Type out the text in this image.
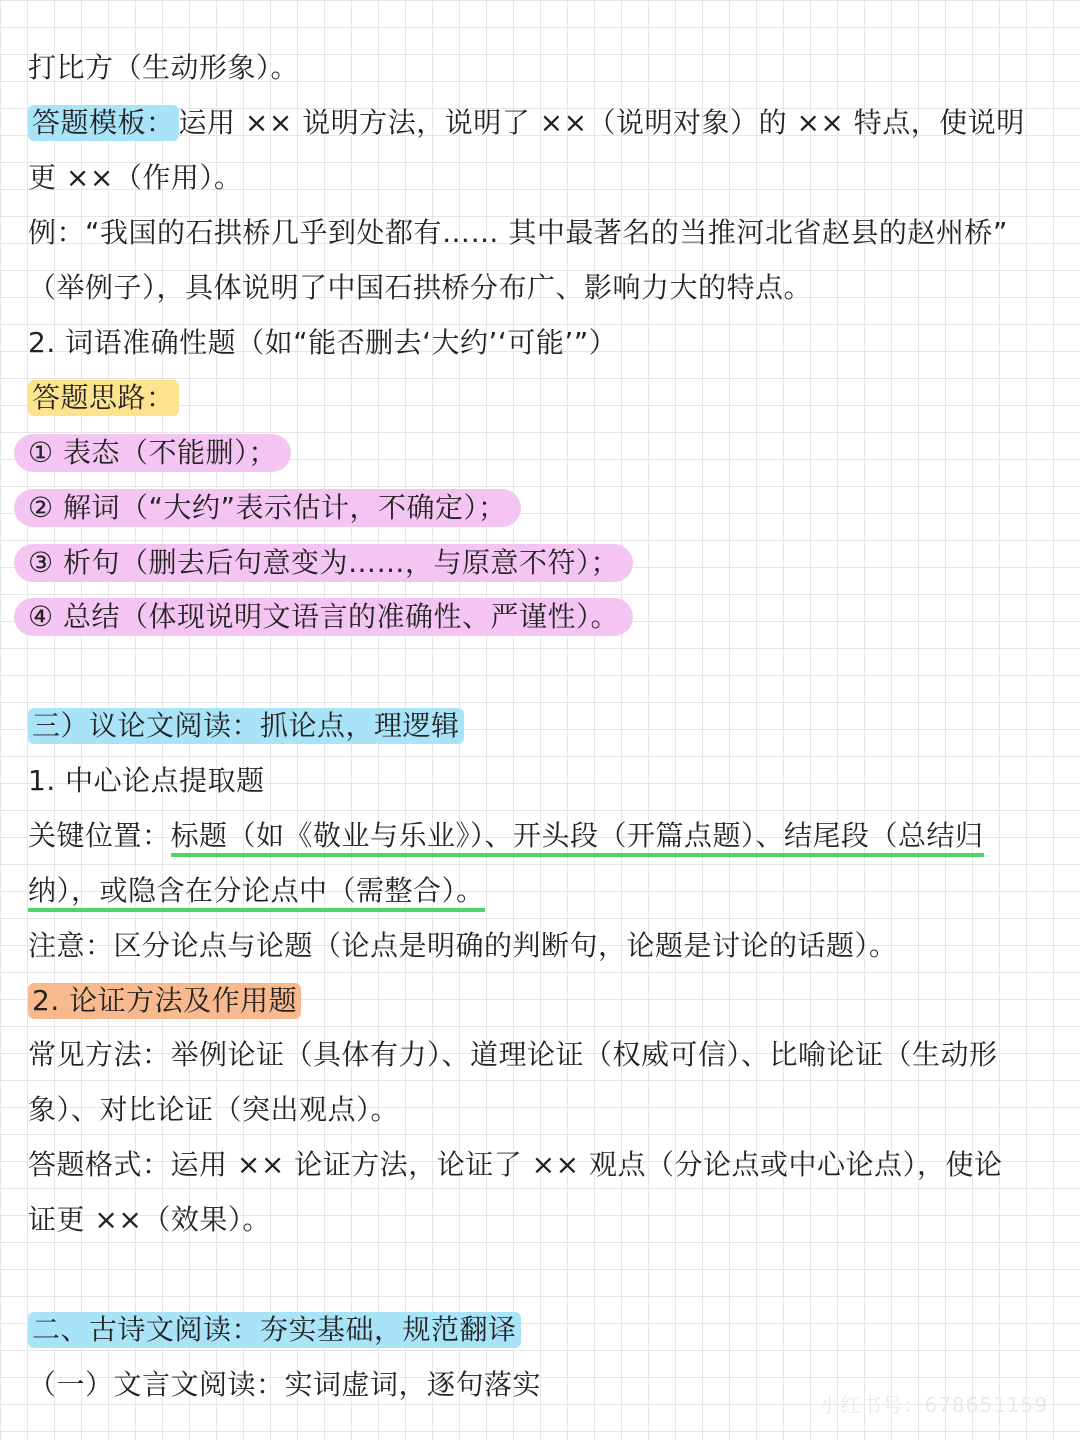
打比方（生动形象）。
答题模板： 运用 ×× 说明方法，说明了 ××（说明对象）的 ×× 特点，使说明
更 ××（作用）。
例：“我国的石拱桥几乎到处都有…… 其中最著名的当推河北省赵县的赵州桥”
（举例子），具体说明了中国石拱桥分布广、影响力大的特点。
2. 词语准确性题（如“能否删去‘大约’‘可能’”）
答题思路：
① 表态（不能删）；
② 解词（“大约”表示估计，不确定）；
③ 析句（删去后句意变为……，与原意不符）；
④ 总结（体现说明文语言的准确性、严谨性）。
三）议论文阅读：抓论点，理逻辑
1. 中心论点提取题
关键位置：标题（如《敬业与乐业》）、开头段（开篇点题）、结尾段（总结归
纳），或隐含在分论点中（需整合）。
注意：区分论点与论题（论点是明确的判断句，论题是讨论的话题）。
2. 论证方法及作用题
常见方法：举例论证（具体有力）、道理论证（权威可信）、比喻论证（生动形
象）、对比论证（突出观点）。
答题格式：运用 ×× 论证方法，论证了 ×× 观点（分论点或中心论点），使论
证更 ××（效果）。
二、古诗文阅读：夯实基础，规范翻译
（一）文言文阅读：实词虚词，逐句落实
小红书号：678651159
